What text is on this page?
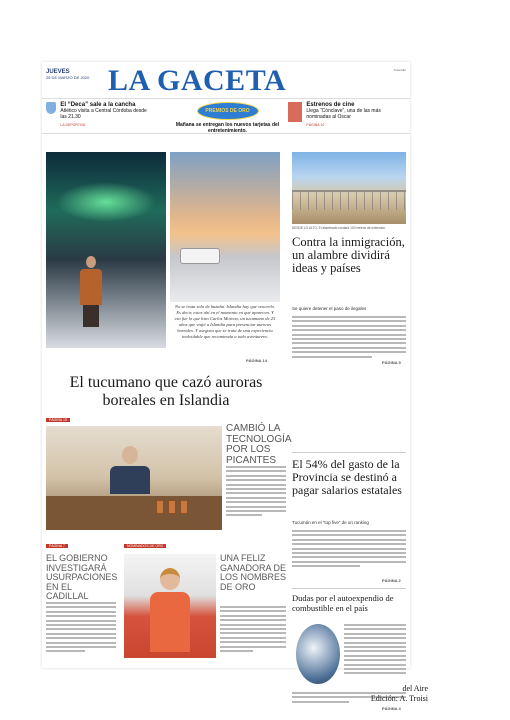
JUEVES
26 DE MARZO DE 2020 LA GACETA	Tucumán

El “Deca” sale a la cancha
Atlético visita a Central Córdoba desde las 21.30
LA DEPORTIVA
PREMIOS DE ORO
Mañana se entregan los nuevos tarjetas del entretenimiento.

Estrenos de cine
Llega “Cónclave”, una de las más nominadas al Oscar
PÁGINA 10
No se trata sólo de hazaña. Islandia hay que vencerlo. Es decir, estar ahí en el momento en que aparecen. Y eso fue lo que hizo Carlos Moreno, un tucumano de 25 años que viajó a Islandia para presenciar auroras boreales. Y asegura que se trata de una experiencia inolvidable que recomienda a todo aventurero.
PÁGINA 14
El tucumano que cazó auroras boreales en Islandia
DESDE LO ALTO. El alambrado rondará 100 metros de extensión.
Contra la inmigración, un alambre dividirá ideas y países
Se quiere detener el paso de ilegales
PÁGINA 9
El 54% del gasto de la Provincia se destinó a pagar salarios estatales
Tucumán en el “top five” de un ranking
PÁGINA 2
Dudas por el autoexpendio de combustible en el país
PÁGINA 4
PÁGINA 15
CAMBIÓ LA TECNOLOGÍA POR LOS PICANTES
PÁGINA 7
EL GOBIERNO INVESTIGARÁ USURPACIONES EN EL CADILLAL
NOMINADOS DE ORO
UNA FELIZ GANADORA DE LOS NOMBRES DE ORO
del Aire
Edición: A. Troisi
